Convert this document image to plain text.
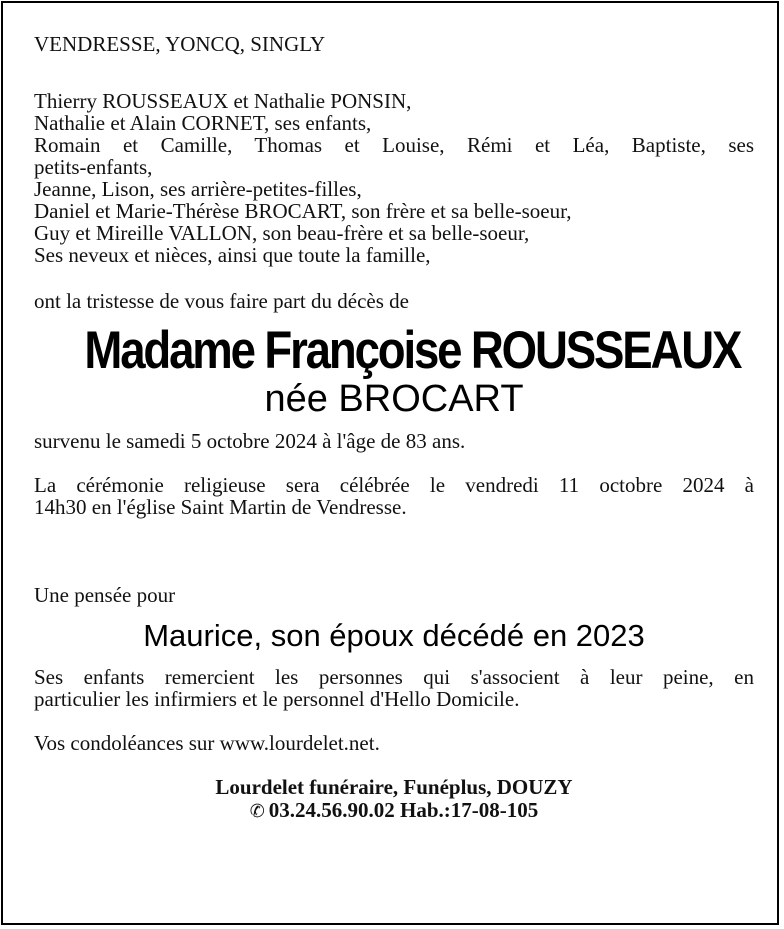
VENDRESSE, YONCQ, SINGLY

Thierry ROUSSEAUX et Nathalie PONSIN,
Nathalie et Alain CORNET, ses enfants,
Romain et Camille, Thomas et Louise, Rémi et Léa, Baptiste, ses
petits-enfants,
Jeanne, Lison, ses arrière-petites-filles,
Daniel et Marie-Thérèse BROCART, son frère et sa belle-soeur,
Guy et Mireille VALLON, son beau-frère et sa belle-soeur,
Ses neveux et nièces, ainsi que toute la famille,

ont la tristesse de vous faire part du décès de

Madame Françoise ROUSSEAUX

née BROCART

survenu le samedi 5 octobre 2024 à l'âge de 83 ans.

La cérémonie religieuse sera célébrée le vendredi 11 octobre 2024 à
14h30 en l'église Saint Martin de Vendresse.

Une pensée pour

Maurice, son époux décédé en 2023

Ses enfants remercient les personnes qui s'associent à leur peine, en
particulier les infirmiers et le personnel d'Hello Domicile.

Vos condoléances sur www.lourdelet.net.

Lourdelet funéraire, Funéplus, DOUZY
✆ 03.24.56.90.02 Hab.:17-08-105
